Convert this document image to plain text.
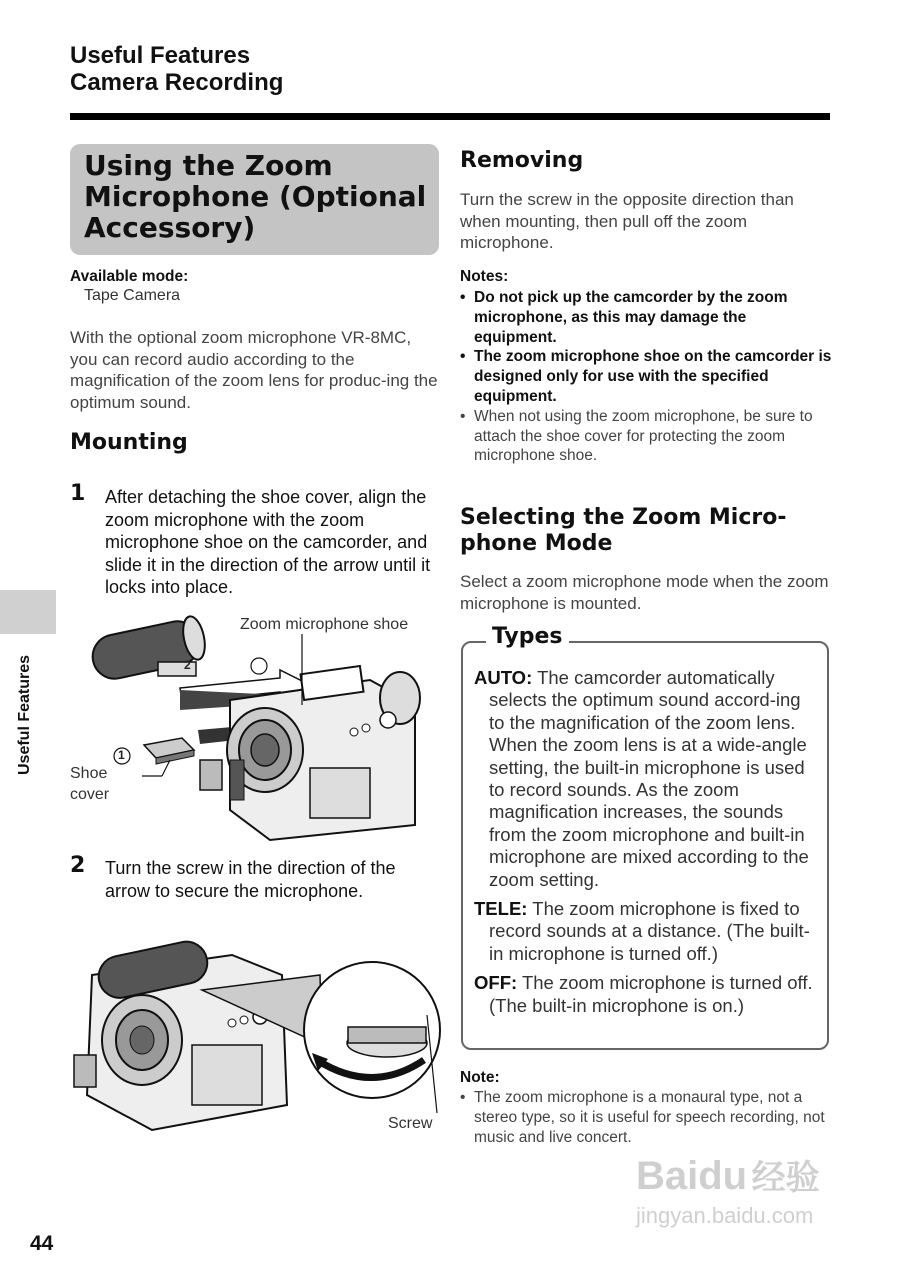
Useful Features
Camera Recording
Using the Zoom Microphone (Optional Accessory)
Available mode:
Tape Camera
With the optional zoom microphone VR-8MC, you can record audio according to the magnification of the zoom lens for produc-ing the optimum sound.
Mounting
1 After detaching the shoe cover, align the zoom microphone with the zoom microphone shoe on the camcorder, and slide it in the direction of the arrow until it locks into place.
2
1
Zoom microphone shoe
Shoe
cover
2 Turn the screw in the direction of the arrow to secure the microphone.
Screw
Removing
Turn the screw in the opposite direction than when mounting, then pull off the zoom microphone.
Notes:
• Do not pick up the camcorder by the zoom microphone, as this may damage the equipment.
• The zoom microphone shoe on the camcorder is designed only for use with the specified equipment.
• When not using the zoom microphone, be sure to attach the shoe cover for protecting the zoom microphone shoe.
Selecting the Zoom Micro-phone Mode
Select a zoom microphone mode when the zoom microphone is mounted.
Types
AUTO: The camcorder automatically selects the optimum sound accord-ing to the magnification of the zoom lens. When the zoom lens is at a wide-angle setting, the built-in microphone is used to record sounds. As the zoom magnification increases, the sounds from the zoom microphone and built-in microphone are mixed according to the zoom setting.
TELE: The zoom microphone is fixed to record sounds at a distance. (The built-in microphone is turned off.)
OFF: The zoom microphone is turned off. (The built-in microphone is on.)
Note:
• The zoom microphone is a monaural type, not a stereo type, so it is useful for speech recording, not music and live concert.
Useful Features
44
Baidu 经验
jingyan.baidu.com
